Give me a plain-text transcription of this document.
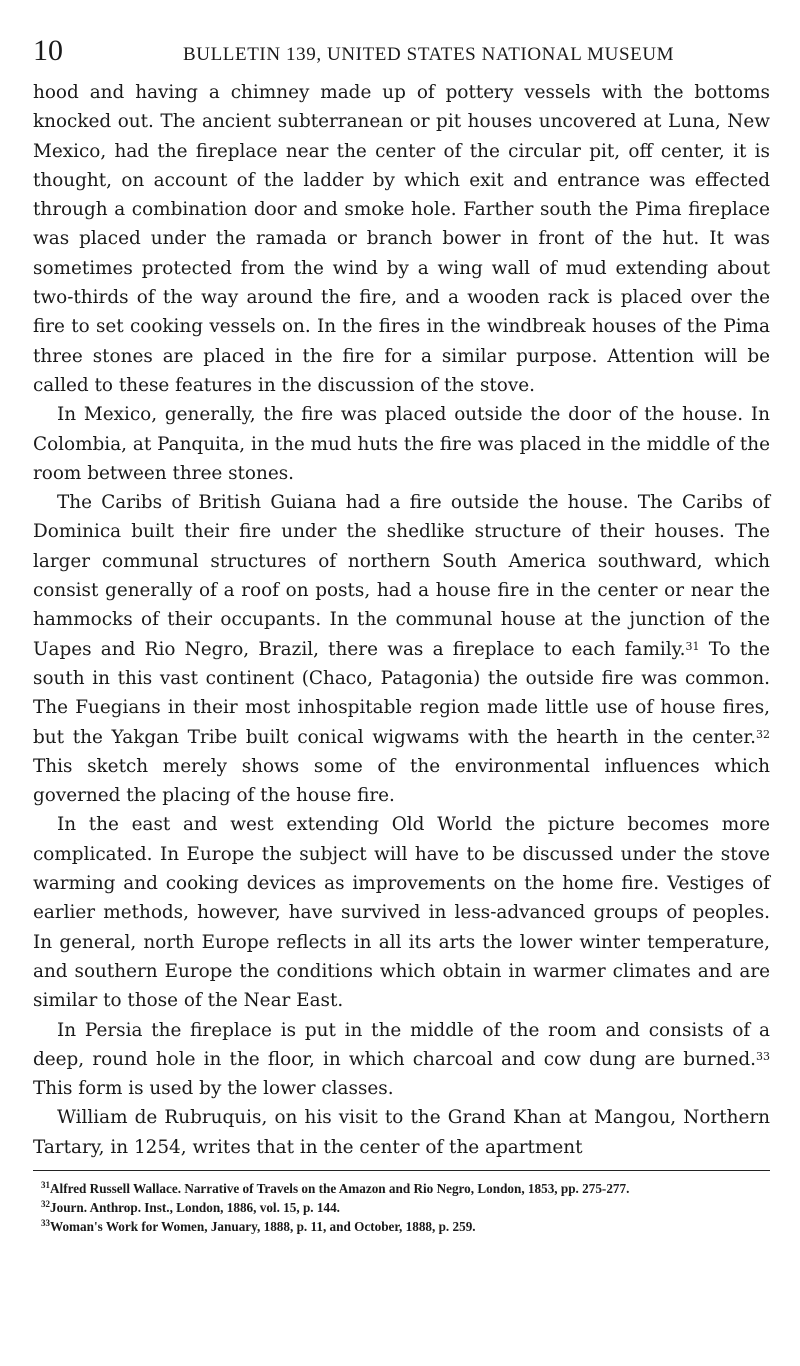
10	BULLETIN 139, UNITED STATES NATIONAL MUSEUM

hood and having a chimney made up of pottery vessels with the bottoms knocked out. The ancient subterranean or pit houses uncovered at Luna, New Mexico, had the fireplace near the center of the circular pit, off center, it is thought, on account of the ladder by which exit and entrance was effected through a combination door and smoke hole. Farther south the Pima fireplace was placed under the ramada or branch bower in front of the hut. It was sometimes protected from the wind by a wing wall of mud extending about two-thirds of the way around the fire, and a wooden rack is placed over the fire to set cooking vessels on. In the fires in the windbreak houses of the Pima three stones are placed in the fire for a similar purpose. Attention will be called to these features in the discussion of the stove.

In Mexico, generally, the fire was placed outside the door of the house. In Colombia, at Panquita, in the mud huts the fire was placed in the middle of the room between three stones.

The Caribs of British Guiana had a fire outside the house. The Caribs of Dominica built their fire under the shedlike structure of their houses. The larger communal structures of northern South America southward, which consist generally of a roof on posts, had a house fire in the center or near the hammocks of their occupants. In the communal house at the junction of the Uapes and Rio Negro, Brazil, there was a fireplace to each family.$^{31}$ To the south in this vast continent (Chaco, Patagonia) the outside fire was common. The Fuegians in their most inhospitable region made little use of house fires, but the Yakgan Tribe built conical wigwams with the hearth in the center.$^{32}$ This sketch merely shows some of the environmental influences which governed the placing of the house fire.

In the east and west extending Old World the picture becomes more complicated. In Europe the subject will have to be discussed under the stove warming and cooking devices as improvements on the home fire. Vestiges of earlier methods, however, have survived in less-advanced groups of peoples. In general, north Europe reflects in all its arts the lower winter temperature, and southern Europe the conditions which obtain in warmer climates and are similar to those of the Near East.

In Persia the fireplace is put in the middle of the room and consists of a deep, round hole in the floor, in which charcoal and cow dung are burned.$^{33}$ This form is used by the lower classes.

William de Rubruquis, on his visit to the Grand Khan at Mangou, Northern Tartary, in 1254, writes that in the center of the apartment

$^{31}$Alfred Russell Wallace. Narrative of Travels on the Amazon and Rio Negro, London, 1853, pp. 275-277.

$^{32}$Journ. Anthrop. Inst., London, 1886, vol. 15, p. 144.

$^{33}$Woman's Work for Women, January, 1888, p. 11, and October, 1888, p. 259.
